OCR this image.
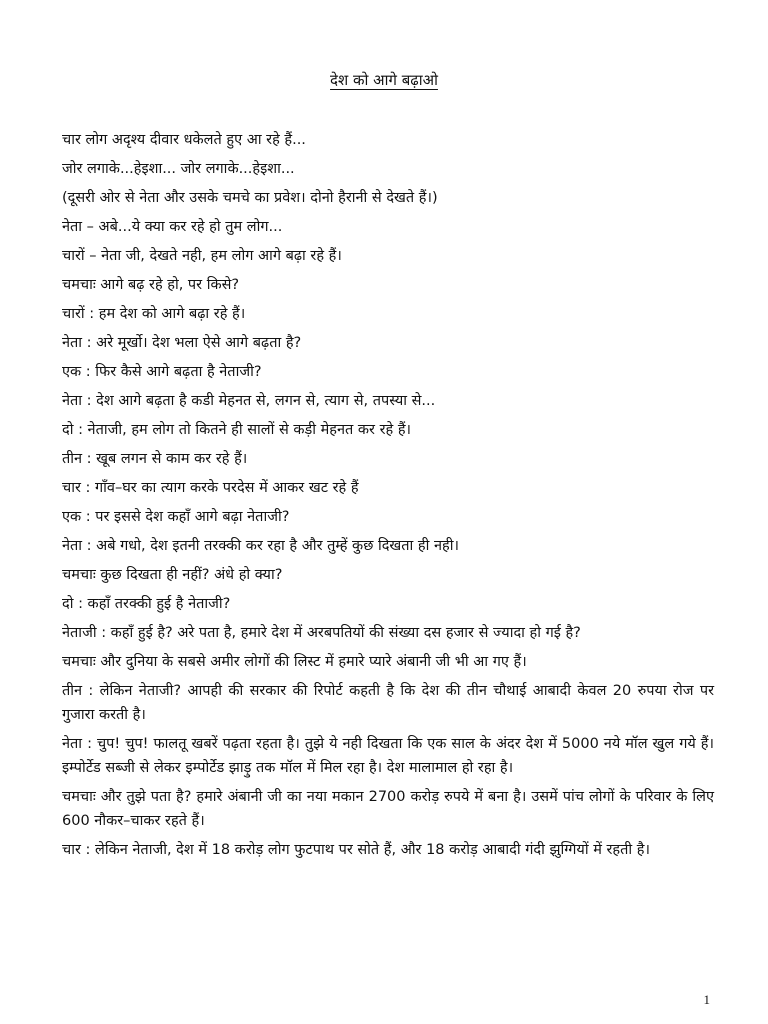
देश को आगे बढ़ाओ
चार लोग अदृश्य दीवार धकेलते हुए आ रहे हैं...
जोर लगाके...हेइशा... जोर लगाके...हेइशा...
(दूसरी ओर से नेता और उसके चमचे का प्रवेश। दोनो हैरानी से देखते हैं।)
नेता – अबे...ये क्या कर रहे हो तुम लोग...
चारों – नेता जी, देखते नही, हम लोग आगे बढ़ा रहे हैं।
चमचाः आगे बढ़ रहे हो, पर किसे?
चारों : हम देश को आगे बढ़ा रहे हैं।
नेता : अरे मूर्खो। देश भला ऐसे आगे बढ़ता है?
एक : फिर कैसे आगे बढ़ता है नेताजी?
नेता : देश आगे बढ़ता है कडी मेहनत से, लगन से, त्याग से, तपस्या से...
दो : नेताजी, हम लोग तो कितने ही सालों से कड़ी मेहनत कर रहे हैं।
तीन : खूब लगन से काम कर रहे हैं।
चार : गाँव–घर का त्याग करके परदेस में आकर खट रहे हैं
एक : पर इससे देश कहाँ आगे बढ़ा नेताजी?
नेता : अबे गधो, देश इतनी तरक्की कर रहा है और तुम्हें कुछ दिखता ही नही।
चमचाः कुछ दिखता ही नहीं? अंधे हो क्या?
दो : कहाँ तरक्की हुई है नेताजी?
नेताजी : कहाँ हुई है? अरे पता है, हमारे देश में अरबपतियों की संख्या दस हजार से ज्यादा हो गई है?
चमचाः और दुनिया के सबसे अमीर लोगों की लिस्ट में हमारे प्यारे अंबानी जी भी आ गए हैं।
तीन : लेकिन नेताजी? आपही की सरकार की रिपोर्ट कहती है कि देश की तीन चौथाई आबादी केवल 20 रुपया रोज पर गुजारा करती है।
नेता : चुप! चुप! फालतू खबरें पढ़ता रहता है। तुझे ये नही दिखता कि एक साल के अंदर देश में 5000 नये मॉल खुल गये हैं। इम्पोर्टेड सब्जी से लेकर इम्पोर्टेड झाड़ु तक मॉल में मिल रहा है। देश मालामाल हो रहा है।
चमचाः और तुझे पता है? हमारे अंबानी जी का नया मकान 2700 करोड़ रुपये में बना है। उसमें पांच लोगों के परिवार के लिए 600 नौकर–चाकर रहते हैं।
चार : लेकिन नेताजी, देश में 18 करोड़ लोग फुटपाथ पर सोते हैं, और 18 करोड़ आबादी गंदी झुग्गियों में रहती है।
1
